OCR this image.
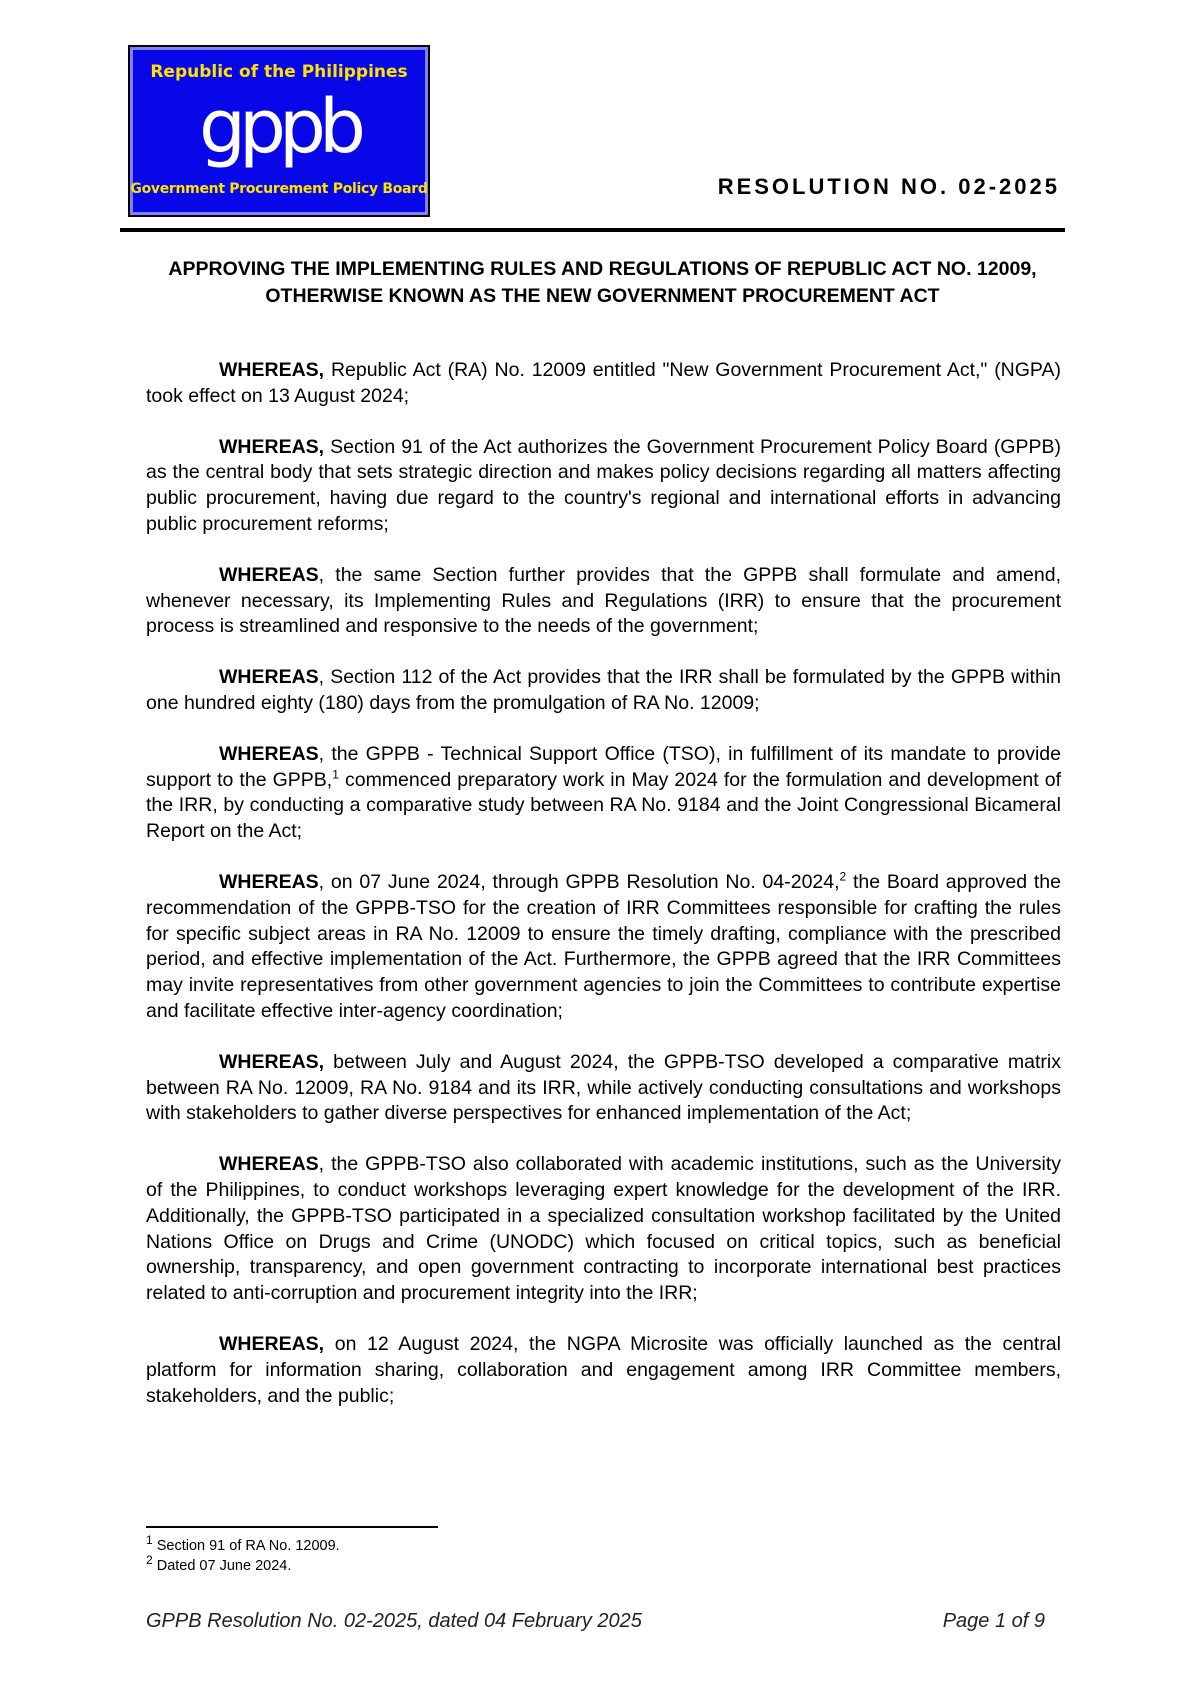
Republic of the Philippines
gppb
Government Procurement Policy Board	RESOLUTION NO. 02-2025
APPROVING THE IMPLEMENTING RULES AND REGULATIONS OF REPUBLIC ACT NO. 12009, OTHERWISE KNOWN AS THE NEW GOVERNMENT PROCUREMENT ACT

WHEREAS, Republic Act (RA) No. 12009 entitled "New Government Procurement Act," (NGPA) took effect on 13 August 2024;

WHEREAS, Section 91 of the Act authorizes the Government Procurement Policy Board (GPPB) as the central body that sets strategic direction and makes policy decisions regarding all matters affecting public procurement, having due regard to the country's regional and international efforts in advancing public procurement reforms;

WHEREAS, the same Section further provides that the GPPB shall formulate and amend, whenever necessary, its Implementing Rules and Regulations (IRR) to ensure that the procurement process is streamlined and responsive to the needs of the government;

WHEREAS, Section 112 of the Act provides that the IRR shall be formulated by the GPPB within one hundred eighty (180) days from the promulgation of RA No. 12009;

WHEREAS, the GPPB - Technical Support Office (TSO), in fulfillment of its mandate to provide support to the GPPB,$^1$ commenced preparatory work in May 2024 for the formulation and development of the IRR, by conducting a comparative study between RA No. 9184 and the Joint Congressional Bicameral Report on the Act;

WHEREAS, on 07 June 2024, through GPPB Resolution No. 04-2024,$^2$ the Board approved the recommendation of the GPPB-TSO for the creation of IRR Committees responsible for crafting the rules for specific subject areas in RA No. 12009 to ensure the timely drafting, compliance with the prescribed period, and effective implementation of the Act. Furthermore, the GPPB agreed that the IRR Committees may invite representatives from other government agencies to join the Committees to contribute expertise and facilitate effective inter-agency coordination;

WHEREAS, between July and August 2024, the GPPB-TSO developed a comparative matrix between RA No. 12009, RA No. 9184 and its IRR, while actively conducting consultations and workshops with stakeholders to gather diverse perspectives for enhanced implementation of the Act;

WHEREAS, the GPPB-TSO also collaborated with academic institutions, such as the University of the Philippines, to conduct workshops leveraging expert knowledge for the development of the IRR. Additionally, the GPPB-TSO participated in a specialized consultation workshop facilitated by the United Nations Office on Drugs and Crime (UNODC) which focused on critical topics, such as beneficial ownership, transparency, and open government contracting to incorporate international best practices related to anti-corruption and procurement integrity into the IRR;

WHEREAS, on 12 August 2024, the NGPA Microsite was officially launched as the central platform for information sharing, collaboration and engagement among IRR Committee members, stakeholders, and the public;

$^1$ Section 91 of RA No. 12009.
$^2$ Dated 07 June 2024.
GPPB Resolution No. 02-2025, dated 04 February 2025	Page 1 of 9
